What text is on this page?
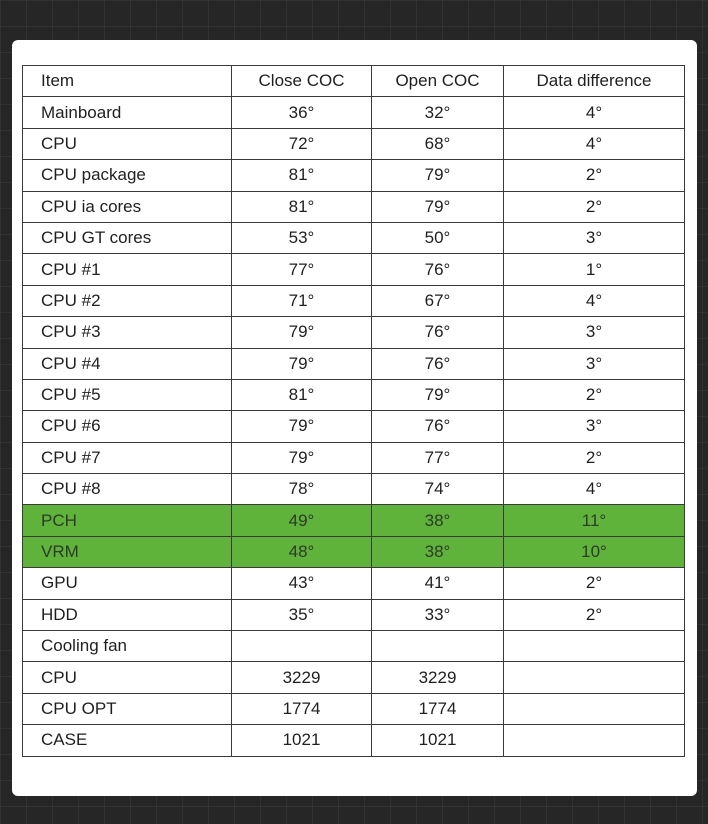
Item	Close COC	Open COC	Data difference
Mainboard	36°	32°	4°
CPU	72°	68°	4°
CPU package	81°	79°	2°
CPU ia cores	81°	79°	2°
CPU GT cores	53°	50°	3°
CPU #1	77°	76°	1°
CPU #2	71°	67°	4°
CPU #3	79°	76°	3°
CPU #4	79°	76°	3°
CPU #5	81°	79°	2°
CPU #6	79°	76°	3°
CPU #7	79°	77°	2°
CPU #8	78°	74°	4°
PCH	49°	38°	11°
VRM	48°	38°	10°
GPU	43°	41°	2°
HDD	35°	33°	2°
Cooling fan			
CPU	3229	3229	
CPU OPT	1774	1774	
CASE	1021	1021	
